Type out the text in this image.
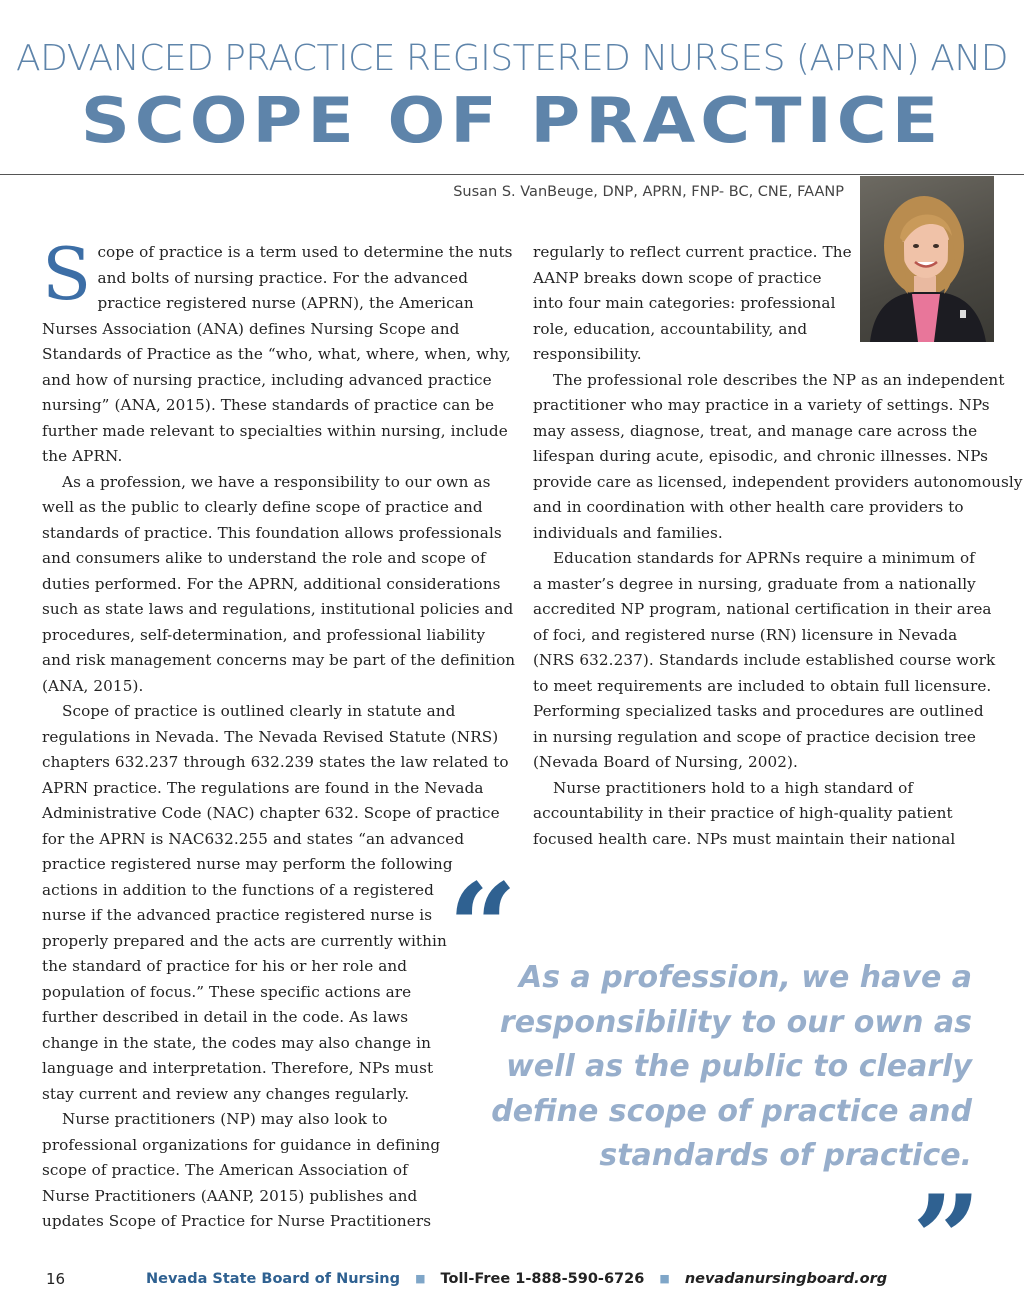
ADVANCED PRACTICE REGISTERED NURSES (APRN) AND
SCOPE OF PRACTICE
Susan S. VanBeuge, DNP, APRN, FNP- BC, CNE, FAANP
S cope of practice is a term used to determine the nuts
and bolts of nursing practice. For the advanced
practice registered nurse (APRN), the American
Nurses Association (ANA) defines Nursing Scope and
Standards of Practice as the “who, what, where, when, why,
and how of nursing practice, including advanced practice
nursing” (ANA, 2015). These standards of practice can be
further made relevant to specialties within nursing, include
the APRN.
As a profession, we have a responsibility to our own as
well as the public to clearly define scope of practice and
standards of practice. This foundation allows professionals
and consumers alike to understand the role and scope of
duties performed. For the APRN, additional considerations
such as state laws and regulations, institutional policies and
procedures, self-determination, and professional liability
and risk management concerns may be part of the definition
(ANA, 2015).
Scope of practice is outlined clearly in statute and
regulations in Nevada. The Nevada Revised Statute (NRS)
chapters 632.237 through 632.239 states the law related to
APRN practice. The regulations are found in the Nevada
Administrative Code (NAC) chapter 632. Scope of practice
for the APRN is NAC632.255 and states “an advanced
practice registered nurse may perform the following
actions in addition to the functions of a registered
nurse if the advanced practice registered nurse is
properly prepared and the acts are currently within
the standard of practice for his or her role and
population of focus.” These specific actions are
further described in detail in the code. As laws
change in the state, the codes may also change in
language and interpretation. Therefore, NPs must
stay current and review any changes regularly.
Nurse practitioners (NP) may also look to
professional organizations for guidance in defining
scope of practice. The American Association of
Nurse Practitioners (AANP, 2015) publishes and
updates Scope of Practice for Nurse Practitioners
regularly to reflect current practice. The
AANP breaks down scope of practice
into four main categories: professional
role, education, accountability, and
responsibility.
The professional role describes the NP as an independent
practitioner who may practice in a variety of settings. NPs
may assess, diagnose, treat, and manage care across the
lifespan during acute, episodic, and chronic illnesses. NPs
provide care as licensed, independent providers autonomously
and in coordination with other health care providers to
individuals and families.
Education standards for APRNs require a minimum of
a master’s degree in nursing, graduate from a nationally
accredited NP program, national certification in their area
of foci, and registered nurse (RN) licensure in Nevada
(NRS 632.237). Standards include established course work
to meet requirements are included to obtain full licensure.
Performing specialized tasks and procedures are outlined
in nursing regulation and scope of practice decision tree
(Nevada Board of Nursing, 2002).
Nurse practitioners hold to a high standard of
accountability in their practice of high-quality patient
focused health care. NPs must maintain their national
“ As a profession, we have a
responsibility to our own as
well as the public to clearly
define scope of practice and
standards of practice.
”
16	Nevada State Board of Nursing ■ Toll-Free 1-888-590-6726 ■ nevadanursingboard.org
